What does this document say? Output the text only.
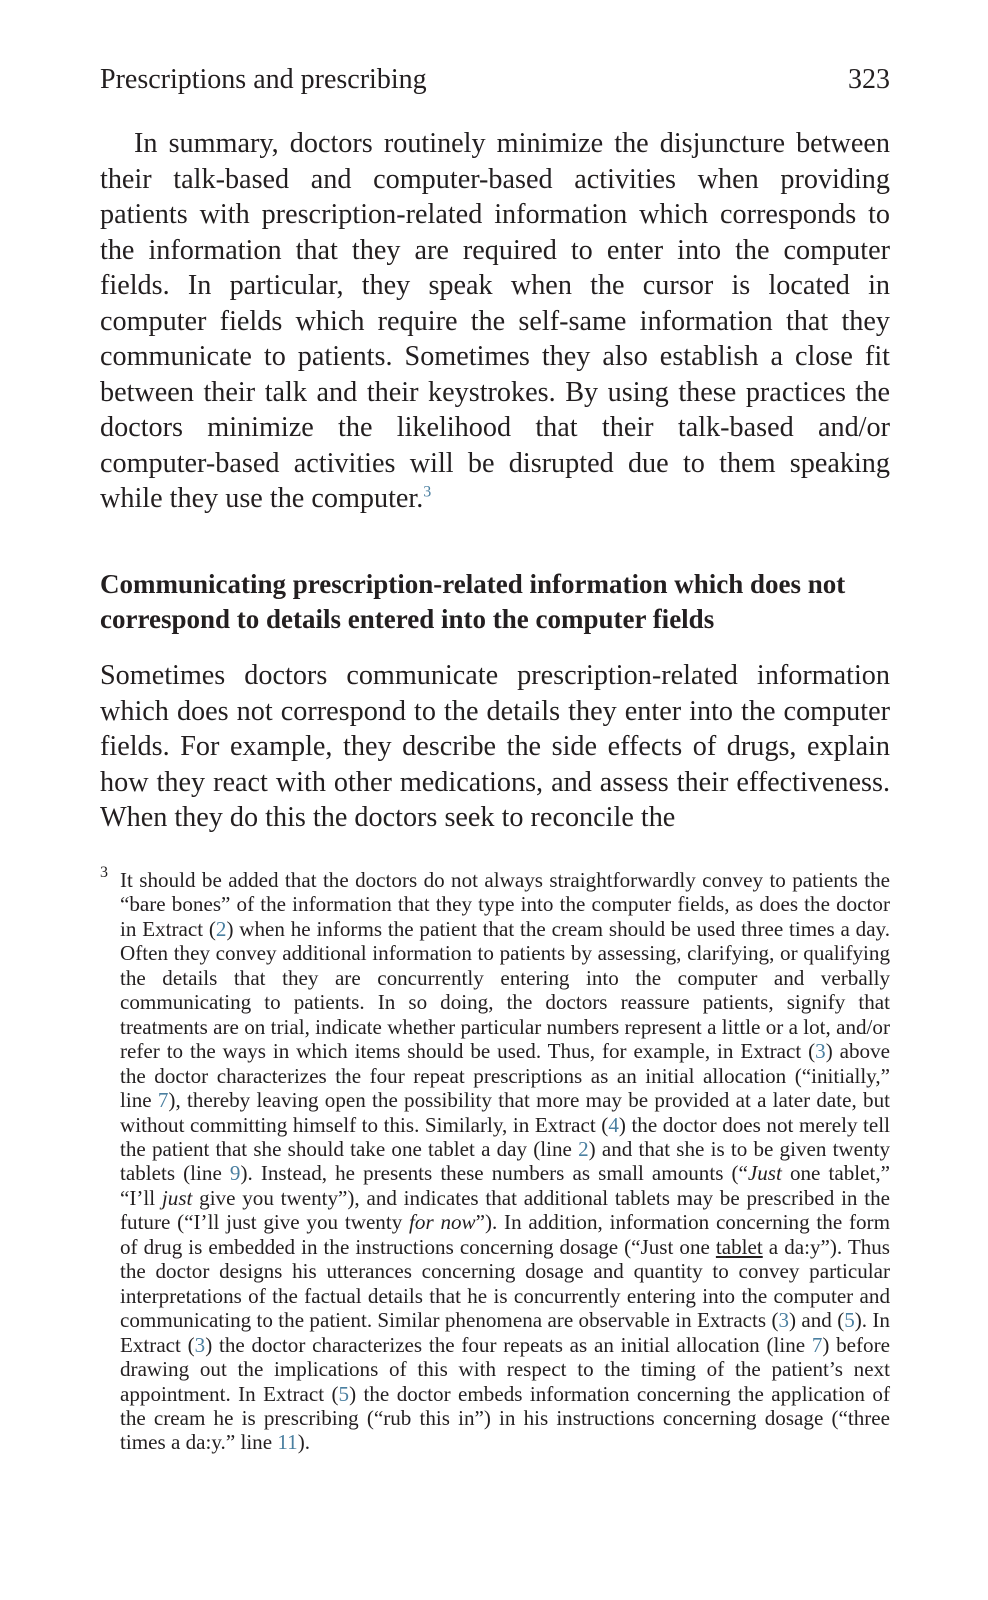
Prescriptions and prescribing	323

In summary, doctors routinely minimize the disjuncture between their talk-based and computer-based activities when providing patients with prescription-related information which corresponds to the information that they are required to enter into the computer fields. In particular, they speak when the cursor is located in computer fields which require the self-same information that they communicate to patients. Sometimes they also establish a close fit between their talk and their keystrokes. By using these practices the doctors minimize the likelihood that their talk-based and/or computer-based activities will be disrupted due to them speaking while they use the computer.$^3$

Communicating prescription-related information which does not correspond to details entered into the computer fields

Sometimes doctors communicate prescription-related information which does not correspond to the details they enter into the computer fields. For example, they describe the side effects of drugs, explain how they react with other medications, and assess their effectiveness. When they do this the doctors seek to reconcile the

3 It should be added that the doctors do not always straightforwardly convey to patients the “bare bones” of the information that they type into the computer fields, as does the doctor in Extract (2) when he informs the patient that the cream should be used three times a day. Often they convey additional information to patients by assessing, clarifying, or qualifying the details that they are concurrently entering into the computer and verbally communicating to patients. In so doing, the doctors reassure patients, signify that treatments are on trial, indicate whether particular numbers represent a little or a lot, and/or refer to the ways in which items should be used. Thus, for example, in Extract (3) above the doctor characterizes the four repeat prescriptions as an initial allocation (“initially,” line 7), thereby leaving open the possibility that more may be provided at a later date, but without committing himself to this. Similarly, in Extract (4) the doctor does not merely tell the patient that she should take one tablet a day (line 2) and that she is to be given twenty tablets (line 9). Instead, he presents these numbers as small amounts (“Just one tablet,” “I’ll just give you twenty”), and indicates that additional tablets may be prescribed in the future (“I’ll just give you twenty for now”). In addition, information concerning the form of drug is embedded in the instructions concerning dosage (“Just one tablet a da:y”). Thus the doctor designs his utterances concerning dosage and quantity to convey particular interpretations of the factual details that he is concurrently entering into the computer and communicating to the patient. Similar phenomena are observable in Extracts (3) and (5). In Extract (3) the doctor characterizes the four repeats as an initial allocation (line 7) before drawing out the implications of this with respect to the timing of the patient’s next appointment. In Extract (5) the doctor embeds information concerning the application of the cream he is prescribing (“rub this in”) in his instructions concerning dosage (“three times a da:y.” line 11).
